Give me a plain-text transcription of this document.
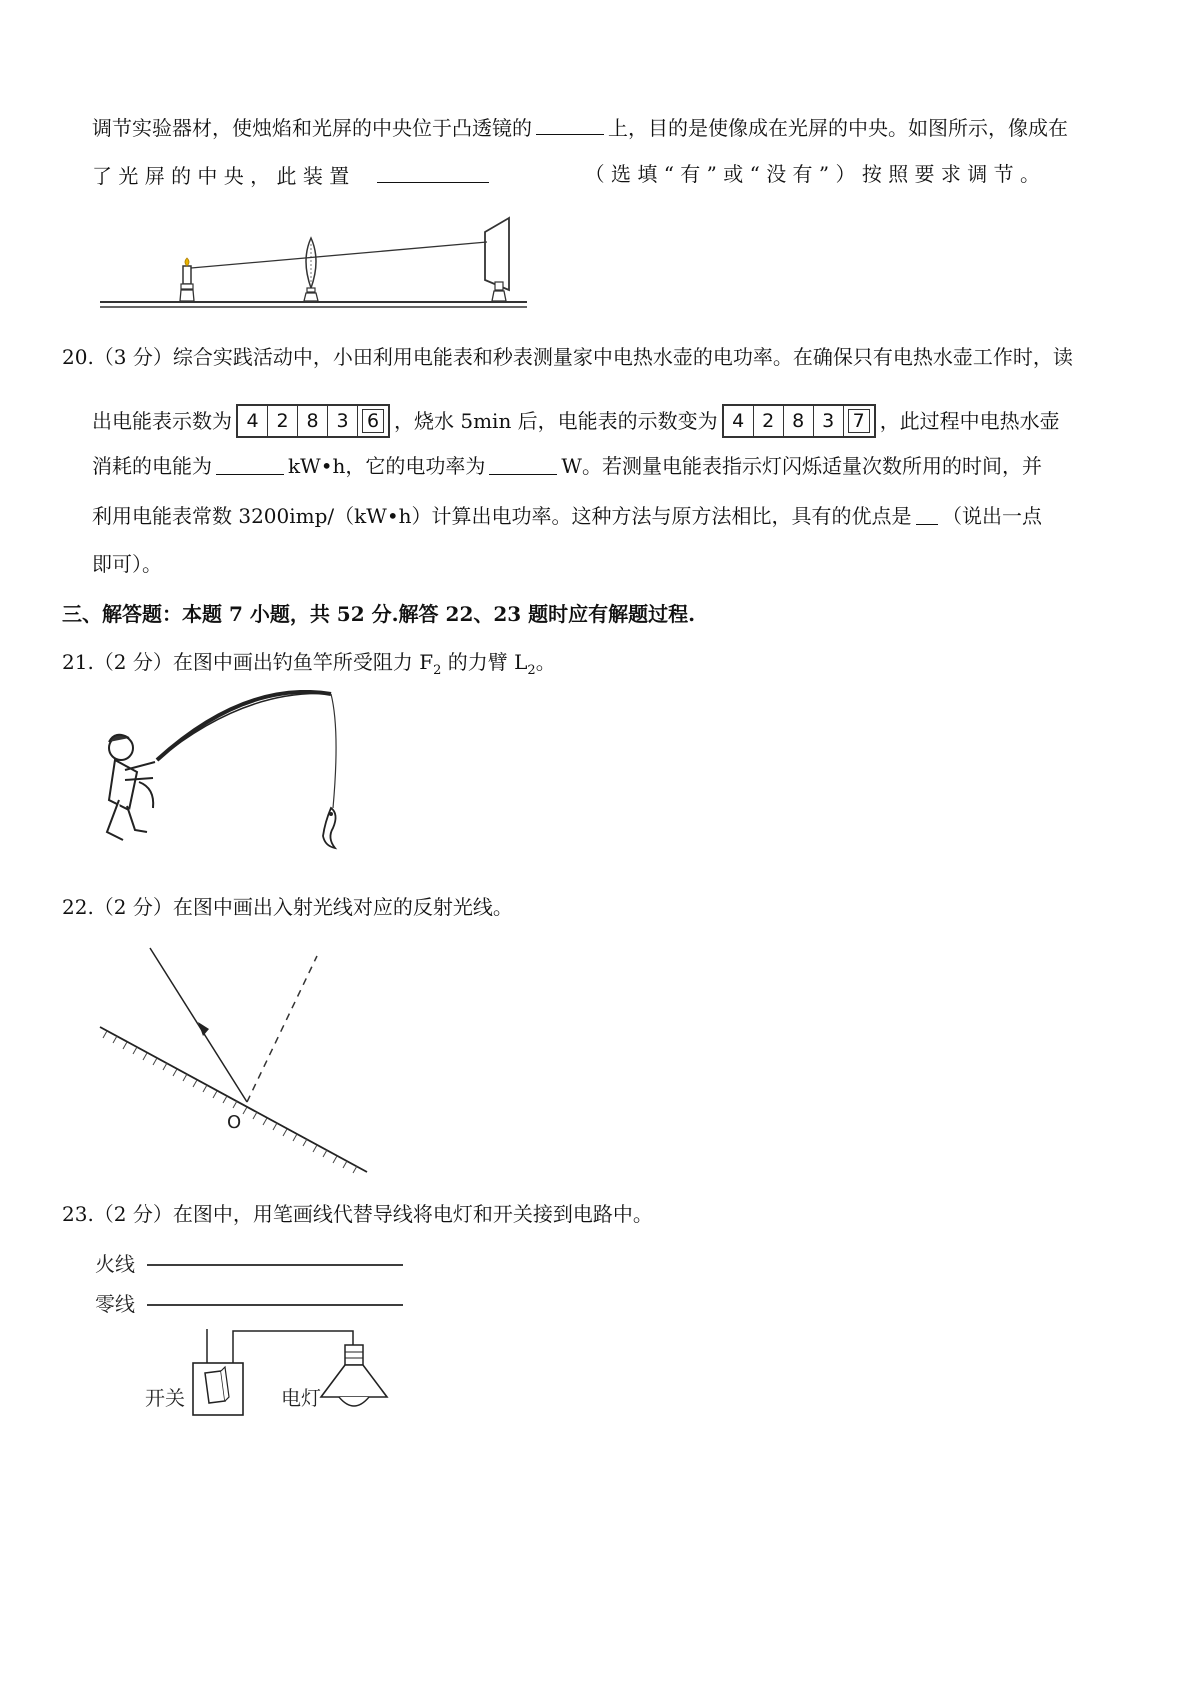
调节实验器材，使烛焰和光屏的中央位于凸透镜的	上，目的是使像成在光屏的中央。如图所示，像成在
了 光 屏 的 中 央 ， 此 装 置	（ 选 填 “ 有 ” 或 “ 没 有 ” ） 按 照 要 求 调 节 。
20.（3 分）综合实践活动中，小田利用电能表和秒表测量家中电热水壶的电功率。在确保只有电热水壶工作时，读
出电能表示数为 4 2 8 3 6 ，烧水 5min 后，电能表的示数变为 4 2 8 3 7 ，此过程中电热水壶
消耗的电能为	kW•h，它的电功率为	W。若测量电能表指示灯闪烁适量次数所用的时间，并
利用电能表常数 3200imp/（kW•h）计算出电功率。这种方法与原方法相比，具有的优点是 （说出一点
即可）。
三、解答题：本题 7 小题，共 52 分.解答 22、23 题时应有解题过程.
21.（2 分）在图中画出钓鱼竿所受阻力 $F_2$ 的力臂 $L_2$。
22.（2 分）在图中画出入射光线对应的反射光线。
O
23.（2 分）在图中，用笔画线代替导线将电灯和开关接到电路中。
火线
零线
开关	电灯
